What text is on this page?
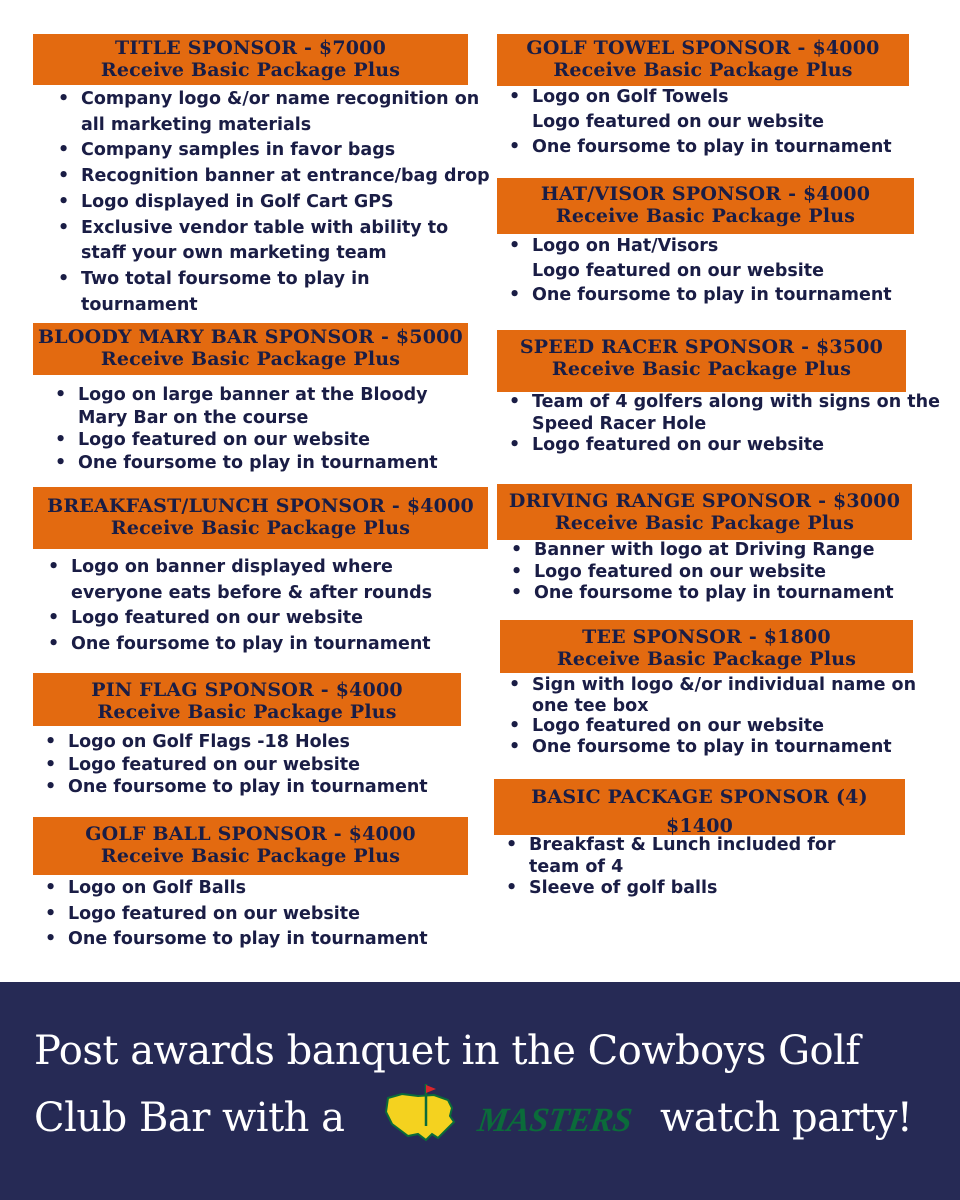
TITLE SPONSOR - $7000
Receive Basic Package Plus
• Company logo &/or name recognition on
all marketing materials
• Company samples in favor bags
• Recognition banner at entrance/bag drop
• Logo displayed in Golf Cart GPS
• Exclusive vendor table with ability to
staff your own marketing team
• Two total foursome to play in
tournament
BLOODY MARY BAR SPONSOR - $5000
Receive Basic Package Plus
• Logo on large banner at the Bloody
Mary Bar on the course
• Logo featured on our website
• One foursome to play in tournament
BREAKFAST/LUNCH SPONSOR - $4000
Receive Basic Package Plus
• Logo on banner displayed where
everyone eats before & after rounds
• Logo featured on our website
• One foursome to play in tournament
PIN FLAG SPONSOR - $4000
Receive Basic Package Plus
• Logo on Golf Flags -18 Holes
• Logo featured on our website
• One foursome to play in tournament
GOLF BALL SPONSOR - $4000
Receive Basic Package Plus
• Logo on Golf Balls
• Logo featured on our website
• One foursome to play in tournament
GOLF TOWEL SPONSOR - $4000
Receive Basic Package Plus
• Logo on Golf Towels
Logo featured on our website
• One foursome to play in tournament
HAT/VISOR SPONSOR - $4000
Receive Basic Package Plus
• Logo on Hat/Visors
Logo featured on our website
• One foursome to play in tournament
SPEED RACER SPONSOR - $3500
Receive Basic Package Plus
• Team of 4 golfers along with signs on the
Speed Racer Hole
• Logo featured on our website
DRIVING RANGE SPONSOR - $3000
Receive Basic Package Plus
• Banner with logo at Driving Range
• Logo featured on our website
• One foursome to play in tournament
TEE SPONSOR - $1800
Receive Basic Package Plus
• Sign with logo &/or individual name on
one tee box
• Logo featured on our website
• One foursome to play in tournament
BASIC PACKAGE SPONSOR (4)
$1400
• Breakfast & Lunch included for
team of 4
• Sleeve of golf balls
Post awards banquet in the Cowboys Golf
Club Bar with a	MASTERS watch party!
